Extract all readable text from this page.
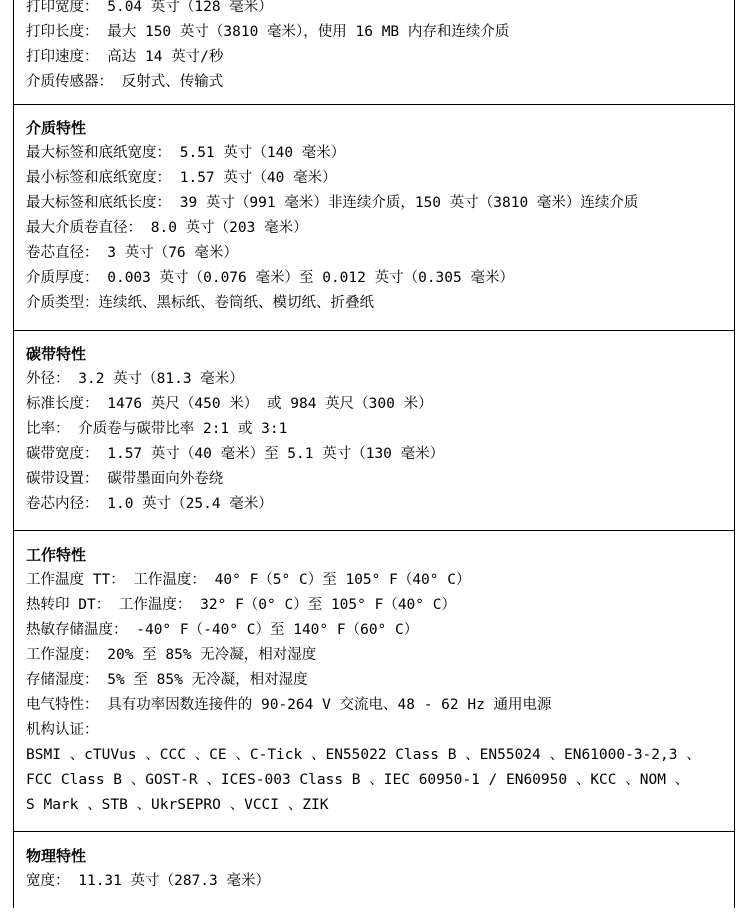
打印宽度： 5.04 英寸（128 毫米）
打印长度： 最大 150 英寸（3810 毫米），使用 16 MB 内存和连续介质
打印速度： 高达 14 英寸/秒
介质传感器： 反射式、传输式
介质特性
最大标签和底纸宽度： 5.51 英寸（140 毫米）
最小标签和底纸宽度： 1.57 英寸（40 毫米）
最大标签和底纸长度： 39 英寸（991 毫米）非连续介质，150 英寸（3810 毫米）连续介质
最大介质卷直径： 8.0 英寸（203 毫米）
卷芯直径： 3 英寸（76 毫米）
介质厚度： 0.003 英寸（0.076 毫米）至 0.012 英寸（0.305 毫米）
介质类型：连续纸、黑标纸、卷筒纸、模切纸、折叠纸
碳带特性
外径： 3.2 英寸（81.3 毫米）
标准长度： 1476 英尺（450 米） 或 984 英尺（300 米）
比率： 介质卷与碳带比率 2:1 或 3:1
碳带宽度： 1.57 英寸（40 毫米）至 5.1 英寸（130 毫米）
碳带设置： 碳带墨面向外卷绕
卷芯内径： 1.0 英寸（25.4 毫米）
工作特性
工作温度 TT： 工作温度： 40° F（5° C）至 105° F（40° C）
热转印 DT： 工作温度： 32° F（0° C）至 105° F（40° C）
热敏存储温度： -40° F（-40° C）至 140° F（60° C）
工作湿度： 20% 至 85% 无冷凝，相对湿度
存储湿度： 5% 至 85% 无冷凝，相对湿度
电气特性： 具有功率因数连接件的 90-264 V 交流电、48 - 62 Hz 通用电源
机构认证：
BSMI 、cTUVus 、CCC 、CE 、C-Tick 、EN55022 Class B 、EN55024 、EN61000-3-2,3 、
FCC Class B 、GOST-R 、ICES-003 Class B 、IEC 60950-1 / EN60950 、KCC 、NOM 、
S Mark 、STB 、UkrSEPRO 、VCCI 、ZIK
物理特性
宽度： 11.31 英寸（287.3 毫米）
